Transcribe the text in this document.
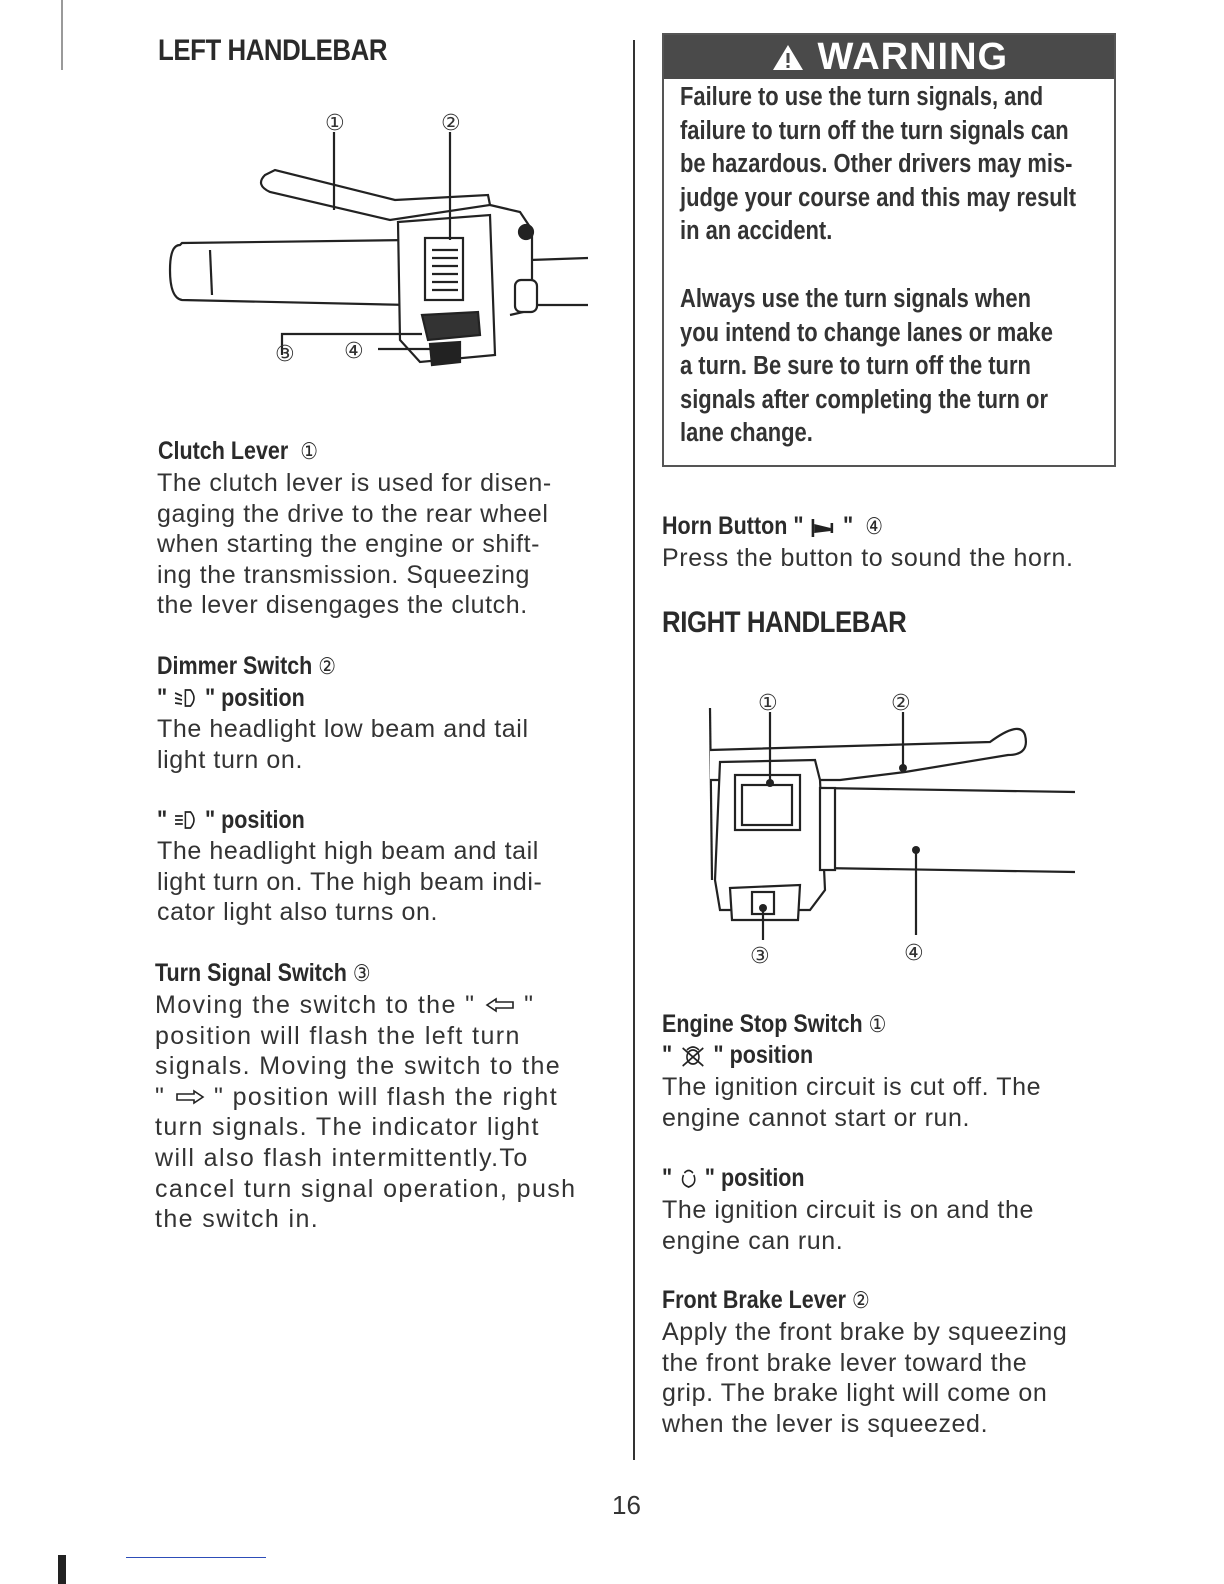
LEFT HANDLEBAR
①	②
③ ④
Clutch Lever ①
The clutch lever is used for disen-
gaging the drive to the rear wheel
when starting the engine or shift-
ing the transmission. Squeezing
the lever disengages the clutch.
Dimmer Switch ②
" " position
The headlight low beam and tail
light turn on.
" " position
The headlight high beam and tail
light turn on. The high beam indi-
cator light also turns on.
Turn Signal Switch ③
Moving the switch to the " "
position will flash the left turn
signals. Moving the switch to the
" " position will flash the right
turn signals. The indicator light
will also flash intermittently.To
cancel turn signal operation, push
the switch in.
WARNING
Failure to use the turn signals, and
failure to turn off the turn signals can
be hazardous. Other drivers may mis-
judge your course and this may result
in an accident.
Always use the turn signals when
you intend to change lanes or make
a turn. Be sure to turn off the turn
signals after completing the turn or
lane change.
Horn Button " " ④
Press the button to sound the horn.
RIGHT HANDLEBAR
①	②
③	④
Engine Stop Switch ①
" " position
The ignition circuit is cut off. The
engine cannot start or run.
" " position
The ignition circuit is on and the
engine can run.
Front Brake Lever ②
Apply the front brake by squeezing
the front brake lever toward the
grip. The brake light will come on
when the lever is squeezed.
16
